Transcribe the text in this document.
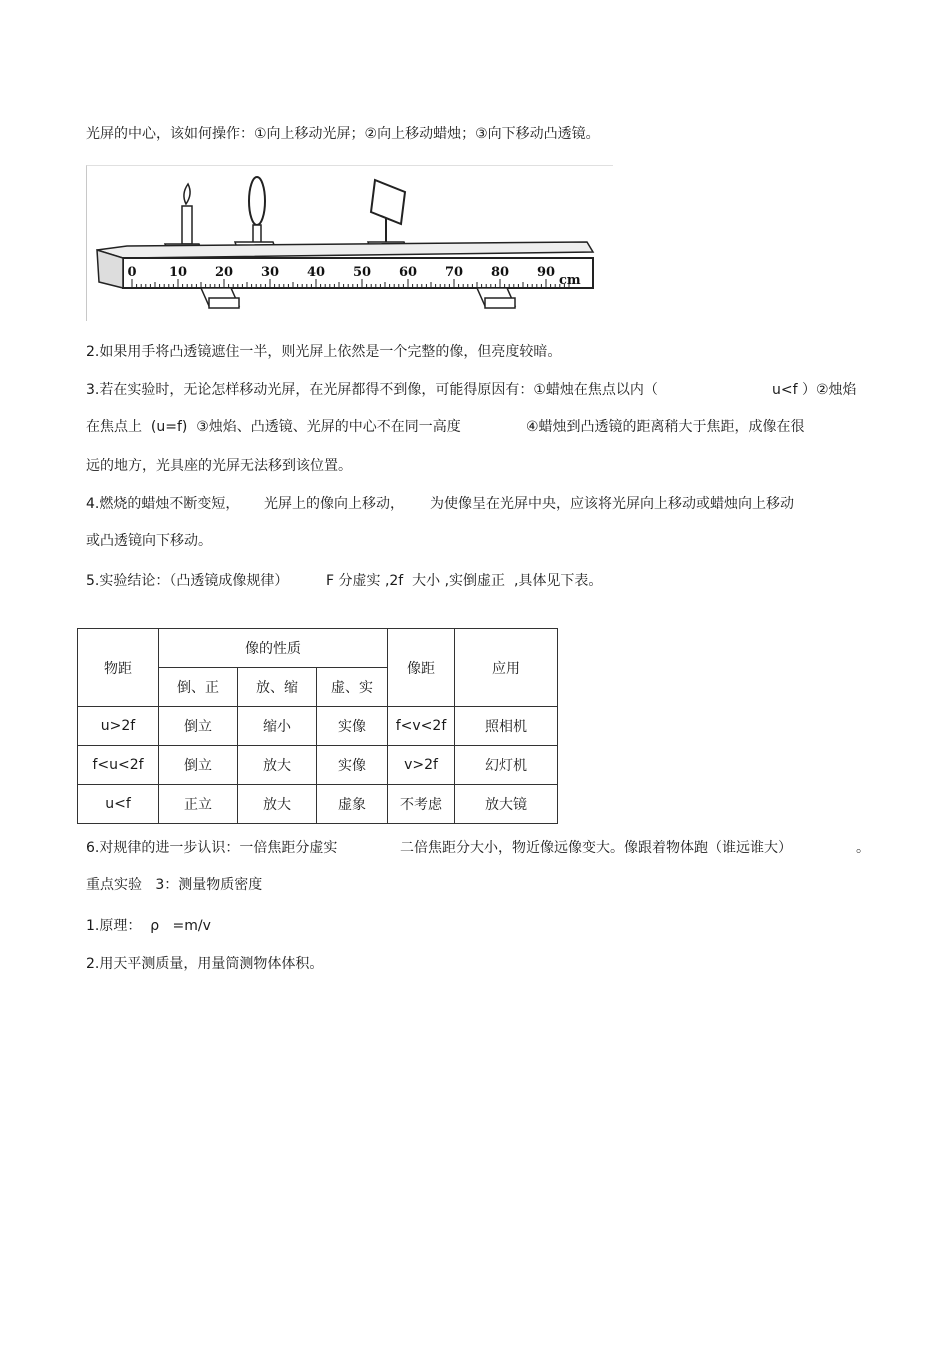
光屏的中心，该如何操作：①向上移动光屏；②向上移动蜡烛；③向下移动凸透镜。
0 10 20 30 40 50 60 70 80 90
cm
2.如果用手将凸透镜遮住一半，则光屏上依然是一个完整的像，但亮度较暗。
3.若在实验时，无论怎样移动光屏，在光屏都得不到像，可能得原因有：①蜡烛在焦点以内（	u<f ）②烛焰
在焦点上  (u=f)  ③烛焰、凸透镜、光屏的中心不在同一高度	④蜡烛到凸透镜的距离稍大于焦距，成像在很
远的地方，光具座的光屏无法移到该位置。
4.燃烧的蜡烛不断变短， 光屏上的像向上移动， 为使像呈在光屏中央，应该将光屏向上移动或蜡烛向上移动
或凸透镜向下移动。
5.实验结论：（凸透镜成像规律）	F 分虚实 ,2f  大小 ,实倒虚正  ,具体见下表。
物距	像的性质			像距	应用
	倒、正	放、缩	虚、实		
u>2f	倒立	缩小	实像	f<v<2f	照相机
f<u<2f	倒立	放大	实像	v>2f	幻灯机
u<f	正立	放大	虚象	不考虑	放大镜
6.对规律的进一步认识：一倍焦距分虚实	二倍焦距分大小，物近像远像变大。像跟着物体跑（谁远谁大）	。
重点实验   3：测量物质密度
1.原理：  ρ   =m/v
2.用天平测质量，用量筒测物体体积。
